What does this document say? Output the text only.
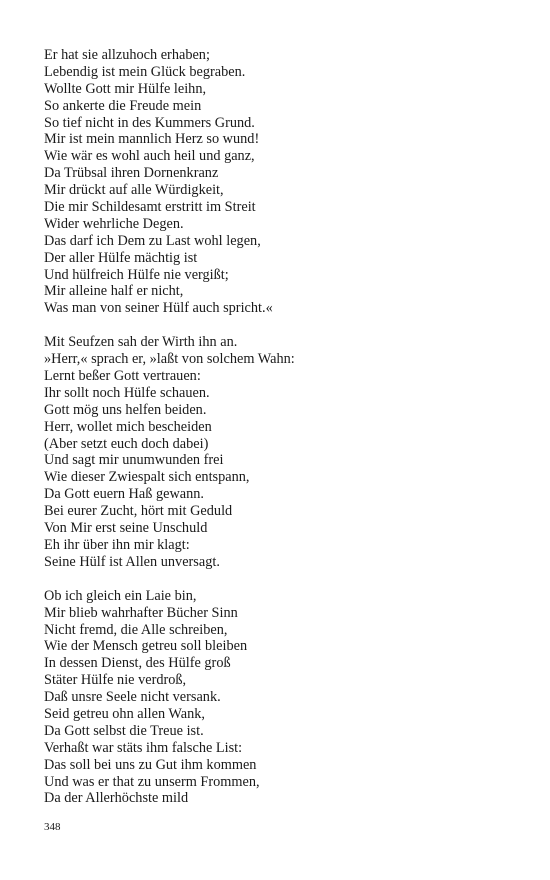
Er hat sie allzuhoch erhaben;
Lebendig ist mein Glück begraben.
Wollte Gott mir Hülfe leihn,
So ankerte die Freude mein
So tief nicht in des Kummers Grund.
Mir ist mein mannlich Herz so wund!
Wie wär es wohl auch heil und ganz,
Da Trübsal ihren Dornenkranz
Mir drückt auf alle Würdigkeit,
Die mir Schildesamt erstritt im Streit
Wider wehrliche Degen.
Das darf ich Dem zu Last wohl legen,
Der aller Hülfe mächtig ist
Und hülfreich Hülfe nie vergißt;
Mir alleine half er nicht,
Was man von seiner Hülf auch spricht.«
Mit Seufzen sah der Wirth ihn an.
»Herr,« sprach er, »laßt von solchem Wahn:
Lernt beßer Gott vertrauen:
Ihr sollt noch Hülfe schauen.
Gott mög uns helfen beiden.
Herr, wollet mich bescheiden
(Aber setzt euch doch dabei)
Und sagt mir unumwunden frei
Wie dieser Zwiespalt sich entspann,
Da Gott euern Haß gewann.
Bei eurer Zucht, hört mit Geduld
Von Mir erst seine Unschuld
Eh ihr über ihn mir klagt:
Seine Hülf ist Allen unversagt.
Ob ich gleich ein Laie bin,
Mir blieb wahrhafter Bücher Sinn
Nicht fremd, die Alle schreiben,
Wie der Mensch getreu soll bleiben
In dessen Dienst, des Hülfe groß
Stäter Hülfe nie verdroß,
Daß unsre Seele nicht versank.
Seid getreu ohn allen Wank,
Da Gott selbst die Treue ist.
Verhaßt war stäts ihm falsche List:
Das soll bei uns zu Gut ihm kommen
Und was er that zu unserm Frommen,
Da der Allerhöchste mild
348
